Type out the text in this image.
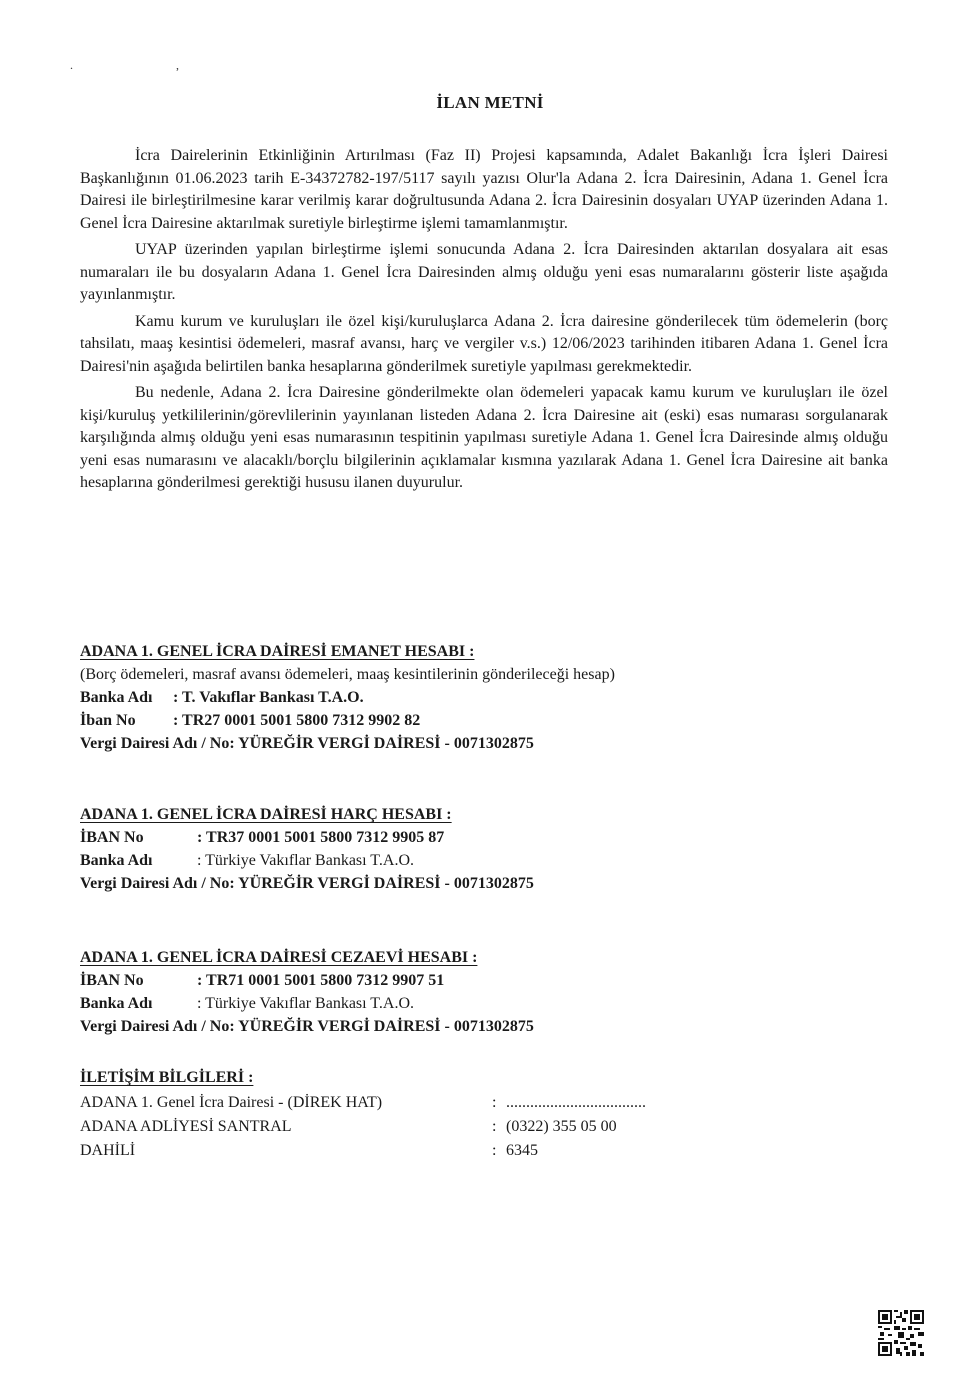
. ,
İLAN METNİ

İcra Dairelerinin Etkinliğinin Artırılması (Faz II) Projesi kapsamında, Adalet Bakanlığı İcra İşleri Dairesi Başkanlığının 01.06.2023 tarih E-34372782-197/5117 sayılı yazısı Olur'la Adana 2. İcra Dairesinin, Adana 1. Genel İcra Dairesi ile birleştirilmesine karar verilmiş karar doğrultusunda Adana 2. İcra Dairesinin dosyaları UYAP üzerinden Adana 1. Genel İcra Dairesine aktarılmak suretiyle birleştirme işlemi tamamlanmıştır.

UYAP üzerinden yapılan birleştirme işlemi sonucunda Adana 2. İcra Dairesinden aktarılan dosyalara ait esas numaraları ile bu dosyaların Adana 1. Genel İcra Dairesinden almış olduğu yeni esas numaralarını gösterir liste aşağıda yayınlanmıştır.

Kamu kurum ve kuruluşları ile özel kişi/kuruluşlarca Adana 2. İcra dairesine gönderilecek tüm ödemelerin (borç tahsilatı, maaş kesintisi ödemeleri, masraf avansı, harç ve vergiler v.s.) 12/06/2023 tarihinden itibaren Adana 1. Genel İcra Dairesi'nin aşağıda belirtilen banka hesaplarına gönderilmek suretiyle yapılması gerekmektedir.

Bu nedenle, Adana 2. İcra Dairesine gönderilmekte olan ödemeleri yapacak kamu kurum ve kuruluşları ile özel kişi/kuruluş yetkililerinin/görevlilerinin yayınlanan listeden Adana 2. İcra Dairesine ait (eski) esas numarası sorgulanarak karşılığında almış olduğu yeni esas numarasının tespitinin yapılması suretiyle Adana 1. Genel İcra Dairesinde almış olduğu yeni esas numarasını ve alacaklı/borçlu bilgilerinin açıklamalar kısmına yazılarak Adana 1. Genel İcra Dairesine ait banka hesaplarına gönderilmesi gerektiği hususu ilanen duyurulur.

ADANA 1. GENEL İCRA DAİRESİ EMANET HESABI :
(Borç ödemeleri, masraf avansı ödemeleri, maaş kesintilerinin gönderileceği hesap)
Banka Adı : T. Vakıflar Bankası T.A.O.
İban No : TR27 0001 5001 5800 7312 9902 82
Vergi Dairesi Adı / No: YÜREĞİR VERGİ DAİRESİ - 0071302875
ADANA 1. GENEL İCRA DAİRESİ HARÇ HESABI :
İBAN No	: TR37 0001 5001 5800 7312 9905 87
Banka Adı	: Türkiye Vakıflar Bankası T.A.O.
Vergi Dairesi Adı / No: YÜREĞİR VERGİ DAİRESİ - 0071302875
ADANA 1. GENEL İCRA DAİRESİ CEZAEVİ HESABI :
İBAN No	: TR71 0001 5001 5800 7312 9907 51
Banka Adı	: Türkiye Vakıflar Bankası T.A.O.
Vergi Dairesi Adı / No: YÜREĞİR VERGİ DAİRESİ - 0071302875
İLETİŞİM BİLGİLERİ :
ADANA 1. Genel İcra Dairesi - (DİREK HAT)	: ...................................
ADANA ADLİYESİ SANTRAL	: (0322) 355 05 00
DAHİLİ	: 6345
